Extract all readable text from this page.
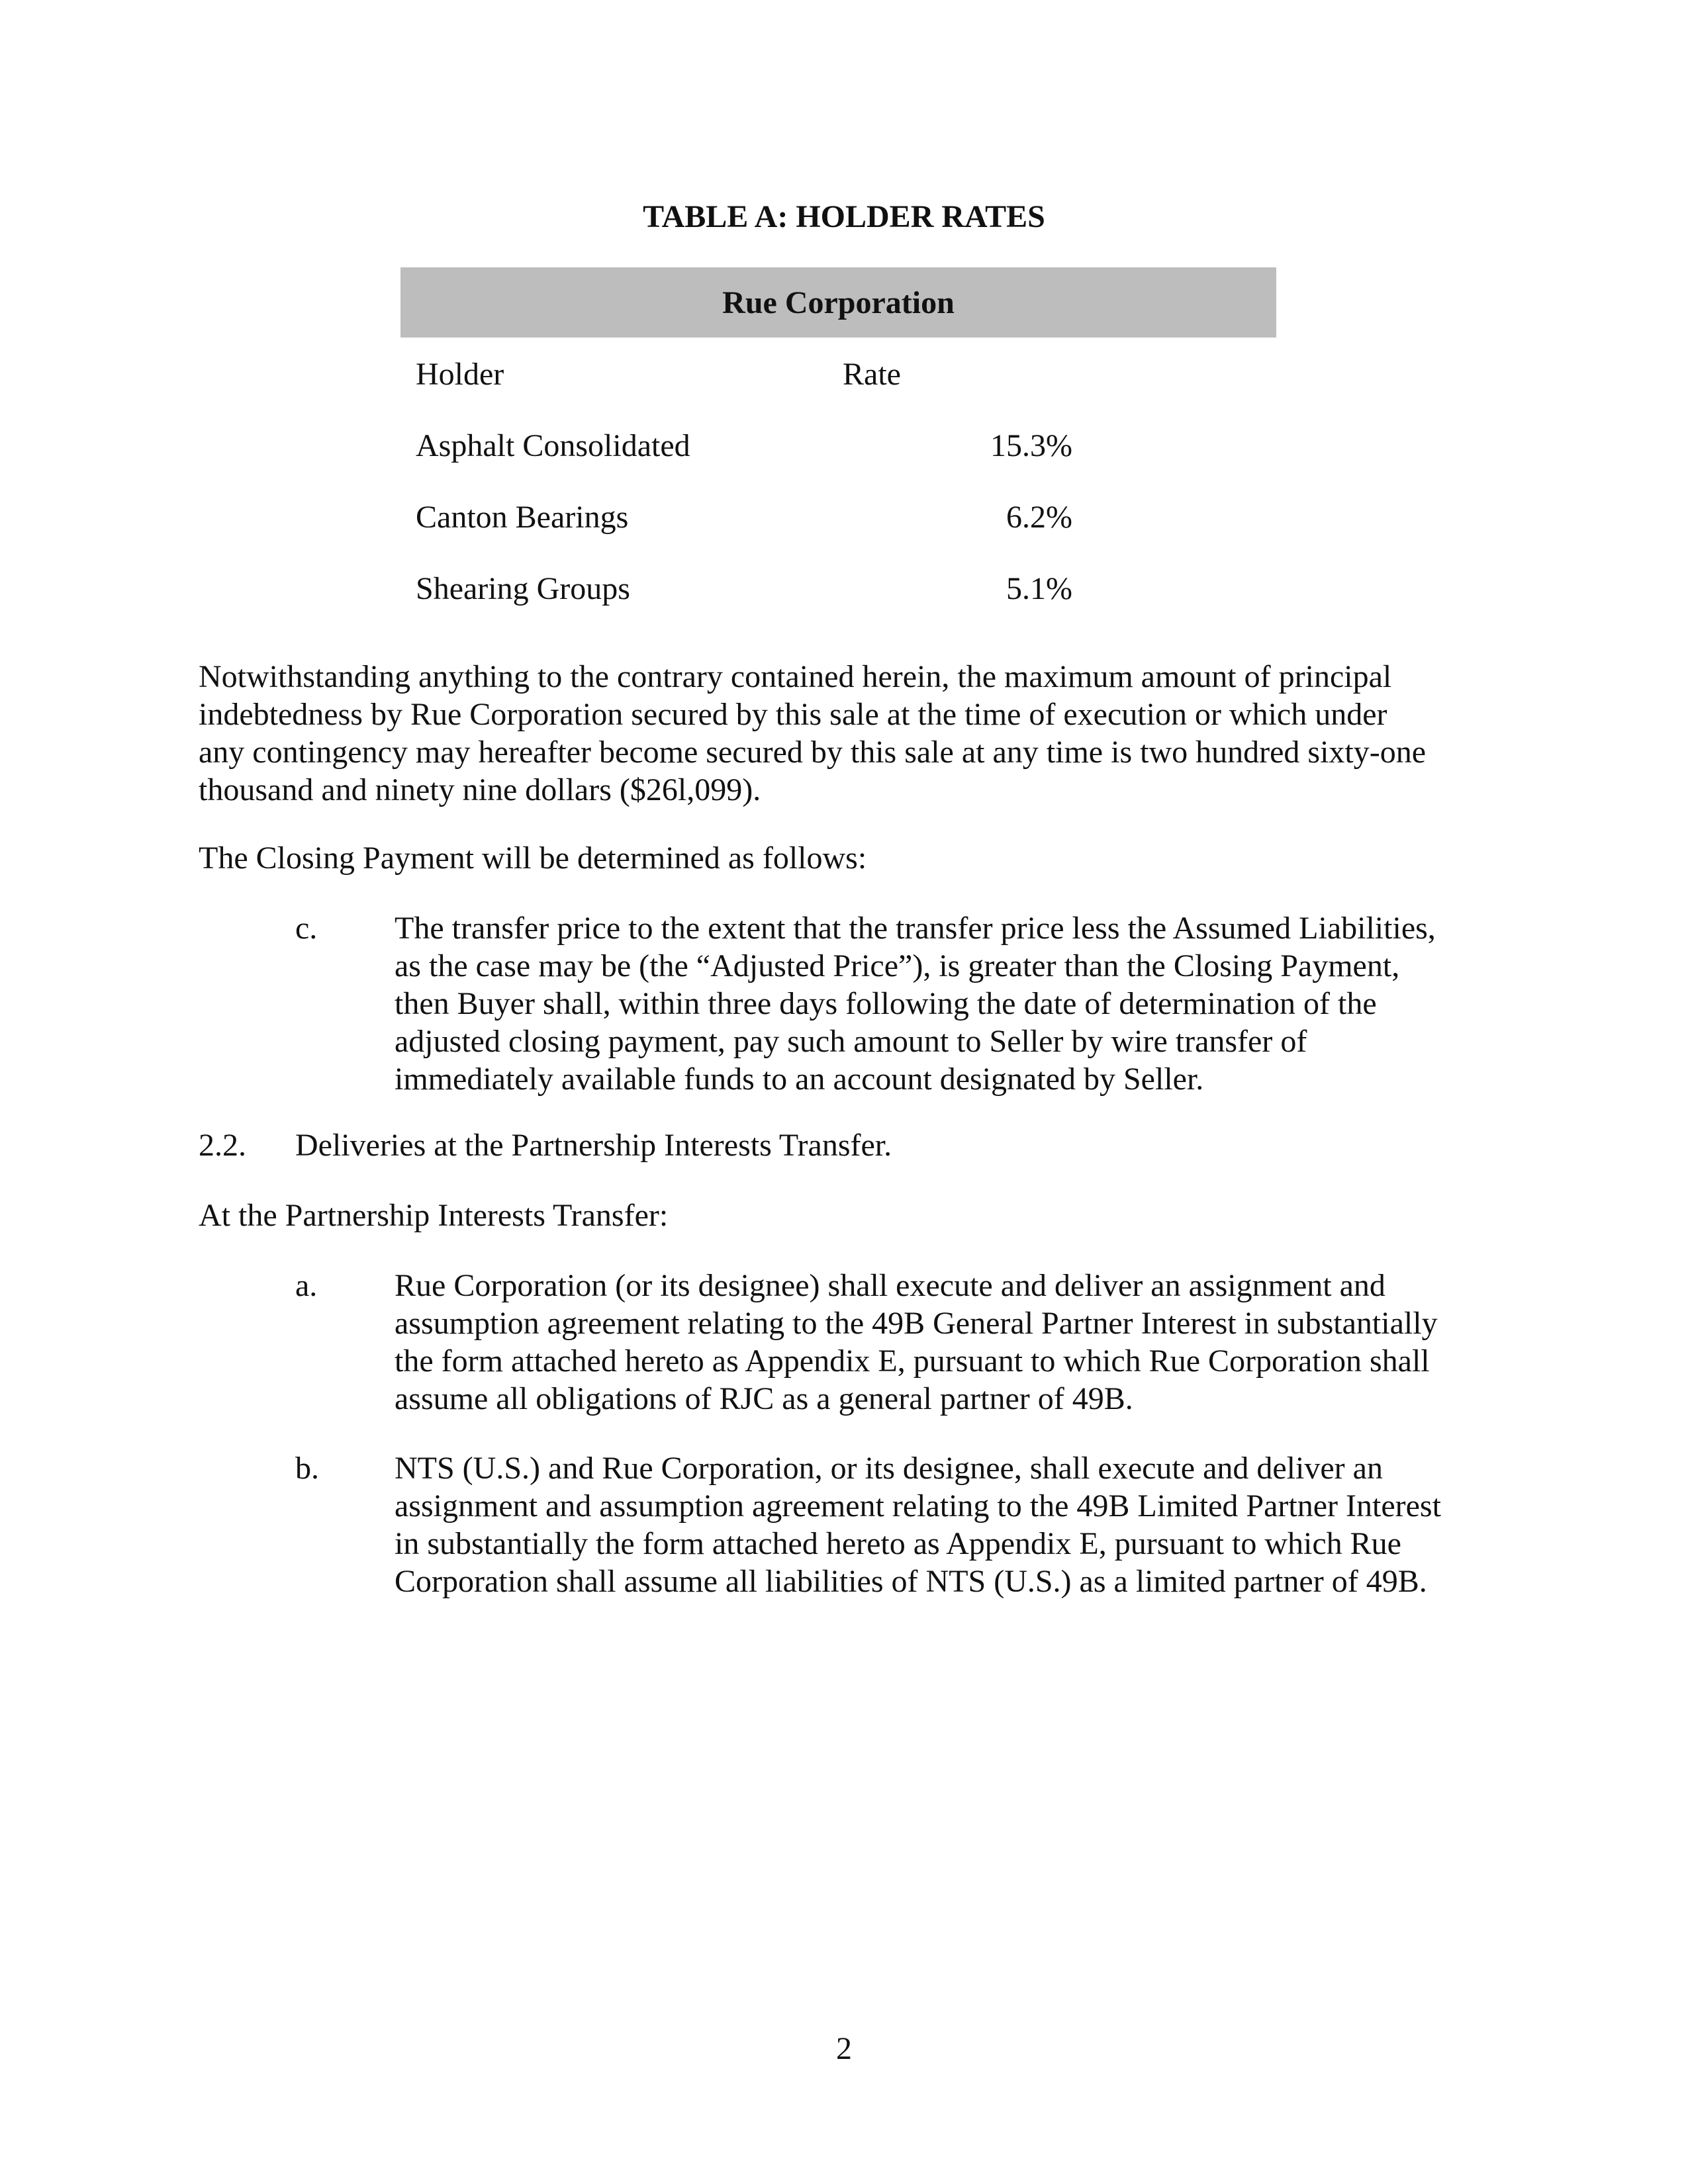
TABLE A: HOLDER RATES
Rue Corporation
Holder	Rate
Asphalt Consolidated	15.3%
Canton Bearings	6.2%
Shearing Groups	5.1%
Notwithstanding anything to the contrary contained herein, the maximum amount of principal
indebtedness by Rue Corporation secured by this sale at the time of execution or which under
any contingency may hereafter become secured by this sale at any time is two hundred sixty-one
thousand and ninety nine dollars ($26l,099).
The Closing Payment will be determined as follows:
c. The transfer price to the extent that the transfer price less the Assumed Liabilities,
as the case may be (the “Adjusted Price”), is greater than the Closing Payment,
then Buyer shall, within three days following the date of determination of the
adjusted closing payment, pay such amount to Seller by wire transfer of
immediately available funds to an account designated by Seller.
2.2. Deliveries at the Partnership Interests Transfer.
At the Partnership Interests Transfer:
a. Rue Corporation (or its designee) shall execute and deliver an assignment and
assumption agreement relating to the 49B General Partner Interest in substantially
the form attached hereto as Appendix E, pursuant to which Rue Corporation shall
assume all obligations of RJC as a general partner of 49B.
b. NTS (U.S.) and Rue Corporation, or its designee, shall execute and deliver an
assignment and assumption agreement relating to the 49B Limited Partner Interest
in substantially the form attached hereto as Appendix E, pursuant to which Rue
Corporation shall assume all liabilities of NTS (U.S.) as a limited partner of 49B.
2
